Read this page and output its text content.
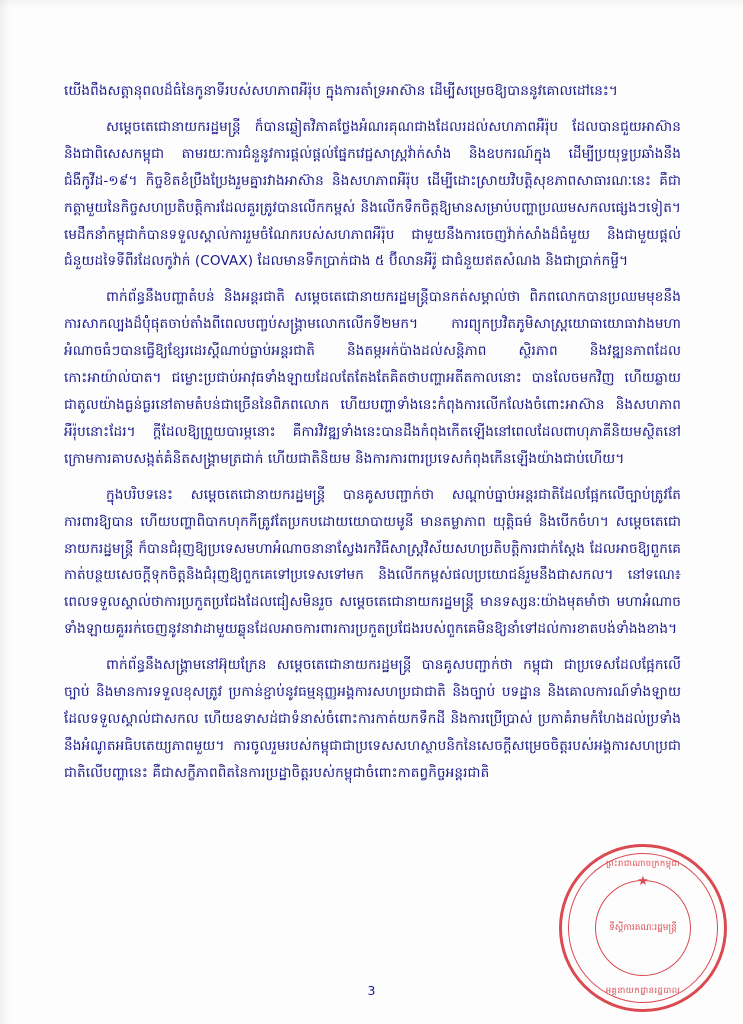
យើងពឹងសត្តានុពលដ៏ធំនៃកូនាទីរបស់សហភាពអឺរ៉ុប ក្នុងការតាំទ្រអាស៊ាន ដើម្បីសម្រេចឱ្យបាននូវគោលដៅនេះ។

សម្តេចតេជោនាយករដ្ឋមន្ត្រី ក៏បានឆ្លៀតវិភាគថ្លែងអំណរគុណជាងដែលរដល់សហភាពអឺរ៉ុប ដែលបានជួយអាស៊ាន និងជាពិសេសកម្ពុជា តាមរយៈការជំនួនូវការផ្តល់ផ្តល់ផ្នែកវេជ្ជសាស្ត្រវ៉ាក់សាំង និងឧបករណ៍ក្នុង ដើម្បីប្រយុទ្ធប្រឆាំងនឹងជំងឺកូវីដ-១៩។ កិច្ចខិតខំប្រឹងប្រែងរួមគ្នារវាងអាស៊ាន និងសហភាពអឺរ៉ុប ដើម្បីដោះស្រាយវិបត្តិសុខភាពសាធារណៈនេះ គឺជាកត្តាមួយនៃកិច្ចសហប្រតិបត្តិការដែលគួរត្រូវបានលើកកម្ពស់ និងលើកទឹកចិត្តឱ្យមានសម្រាប់បញ្ហាប្រឈមសកលផ្សេងៗទៀត។ មេដឹកនាំកម្ពុជាកំបានទទួលស្គាល់ការរួមចំណែករបស់សហភាពអឺរ៉ុប ជាមួយនឹងការចេញវ៉ាក់សាំងដ៏ធំមួយ និងជាមួយផ្តល់ជំនួយដទៃទីពីរដែលកូវ៉ាក់ (COVAX) ដែលមានទឹកប្រាក់ជាង ៥ ប៊ីលានអឺរ៉ូ ជាជំនួយឥតសំណង និងជាប្រាក់កម្ចី។

ពាក់ព័ន្ធនឹងបញ្ហាតំបន់ និងអន្តរជាតិ សម្តេចតេជោនាយករដ្ឋមន្ត្រីបានកត់សម្គាល់ថា ពិភពលោកបានប្រឈមមុខនឹងការសាកល្បងដ៏ប៉ុំផុតចាប់តាំងពីពេលបញ្ចប់សង្គ្រាមលោកលើកទី២មក។ ការព្យុកប្រវិតភូមិសាស្ត្រយោធាយោធាវាងមហាអំណាចធំៗបានធ្វើឱ្យខ្សែរដេរស្តីណាប់ធ្លាប់អន្តរជាតិ និងតម្កអក់ប៉ាងដល់សន្តិភាព ស្ថិរភាព និងវឌ្ឍនភាពដែលកោះអាយ៉ាល់បាត។ ជម្លោះប្រជាប់អាវុធទាំងឡាយដែលតែតែងតែគិតថាបញ្ហាអតីតកាលនោះ បានលែចមកវិញ ហើយឆ្លាយជាតូលយ៉ាងធ្ងន់ធ្ងរនៅតាមតំបន់ជាច្រើននៃពិភពលោក ហើយបញ្ហាទាំងនេះកំពុងការលើកលែងចំពោះអាស៊ាន និងសហភាពអឺរ៉ុបនោះដែរ។ ក្ដីដែលឱ្យព្រួយបារម្ភនោះ គឺការវិវឌ្ឍទាំងនេះបានដឹងកំពុងកើតឡើងនៅពេលដែលពាហុភាគីនិយមស្ថិតនៅក្រោមការគាបសង្កត់គំនិតសង្គ្រាមត្រជាក់ ហើយជាតិនិយម និងការការពារប្រទេសកំពុងកើនឡើងយ៉ាងជាប់ហើយ។

ក្នុងបរិបទនេះ សម្តេចតេជោនាយករដ្ឋមន្ត្រី បានគូសបញ្ជាក់ថា សណ្តាប់ធ្នាប់អន្តរជាតិដែលផ្អែកលើច្បាប់ត្រូវតែការពារឱ្យបាន ហើយបញ្ហាពិបាកហុកកីត្រូវតែប្រកបដោយយោបាយមូនី មានតម្លាភាព យុត្តិធម៌ និងបើកចំហ។ សម្តេចតេជោនាយករដ្ឋមន្ត្រី ក៏បានជំរុញឱ្យប្រទេសមហាអំណាចនានាស្វែងរកវិធីសាស្ត្រវិស័យសហប្រតិបត្តិការជាក់ស្តែង ដែលអាចឱ្យពួកគេកាត់បន្ថយសេចក្តីទុកចិត្តនិងជំរុញឱ្យពួកគេទៅប្រទេសទៅមក និងលើកកម្ពស់ផលប្រយោជន៍រួមនឹងជាសកល។ នៅទណេ៖ពេលទទួលស្គាល់ថាការប្រកួតប្រជែងដែលជៀសមិនរួច សម្តេចតេជោនាយករដ្ឋមន្ត្រី មានទស្សនៈយ៉ាងមុតមាំថា មហាអំណាចទាំងឡាយគួររក់ចេញនូវនាវាដាមួយឆ្លុនដែលអាចការពារការប្រកួតប្រជែងរបស់ពួកគេមិនឱ្យនាំទៅដល់ការខាតបង់ទាំងងខាង។

ពាក់ព័ន្ធនឹងសង្គ្រាមនៅអ៊ុយក្រែន សម្តេចតេជោនាយករដ្ឋមន្ត្រី បានគូសបញ្ជាក់ថា កម្ពុជា ជាប្រទេសដែលផ្អែកលើច្បាប់ និងមានការទទួលខុសត្រូវ ប្រកាន់ខ្ជាប់នូវធម្មនុញ្ញអង្គការសហប្រជាជាតិ និងច្បាប់ បទដ្ឋាន និងគោលការណ៍ទាំងឡាយដែលទទួលស្គាល់ជាសកល ហើយឧទាសដ់ជាទំនាស់ចំពោះការកាត់យកទឹកដី និងការប្រើប្រាស់ ប្រកាគំរាមកំហែងដល់ប្រទាំងនឹងអំណូតអធិបតេយ្យភាពមួយ។ ការចូលរួមរបស់កម្ពុជាជាប្រទេសសហស្ថាបនិកនៃសេចក្តីសម្រេចចិត្តរបស់អង្គការសហប្រជាជាតិលើបញ្ហានេះ គឺជាសក្ខីភាពពិតនៃការប្រដ្ឋាចិត្តរបស់កម្ពុជាចំពោះកាតព្វកិច្ចអន្តរជាតិ

ព្រះរាជាណាចក្រកម្ពុជា
★
ទីស្តីការគណៈរដ្ឋមន្ត្រី
អគ្គនាយកដ្ឋានរដ្ឋបាល
3
